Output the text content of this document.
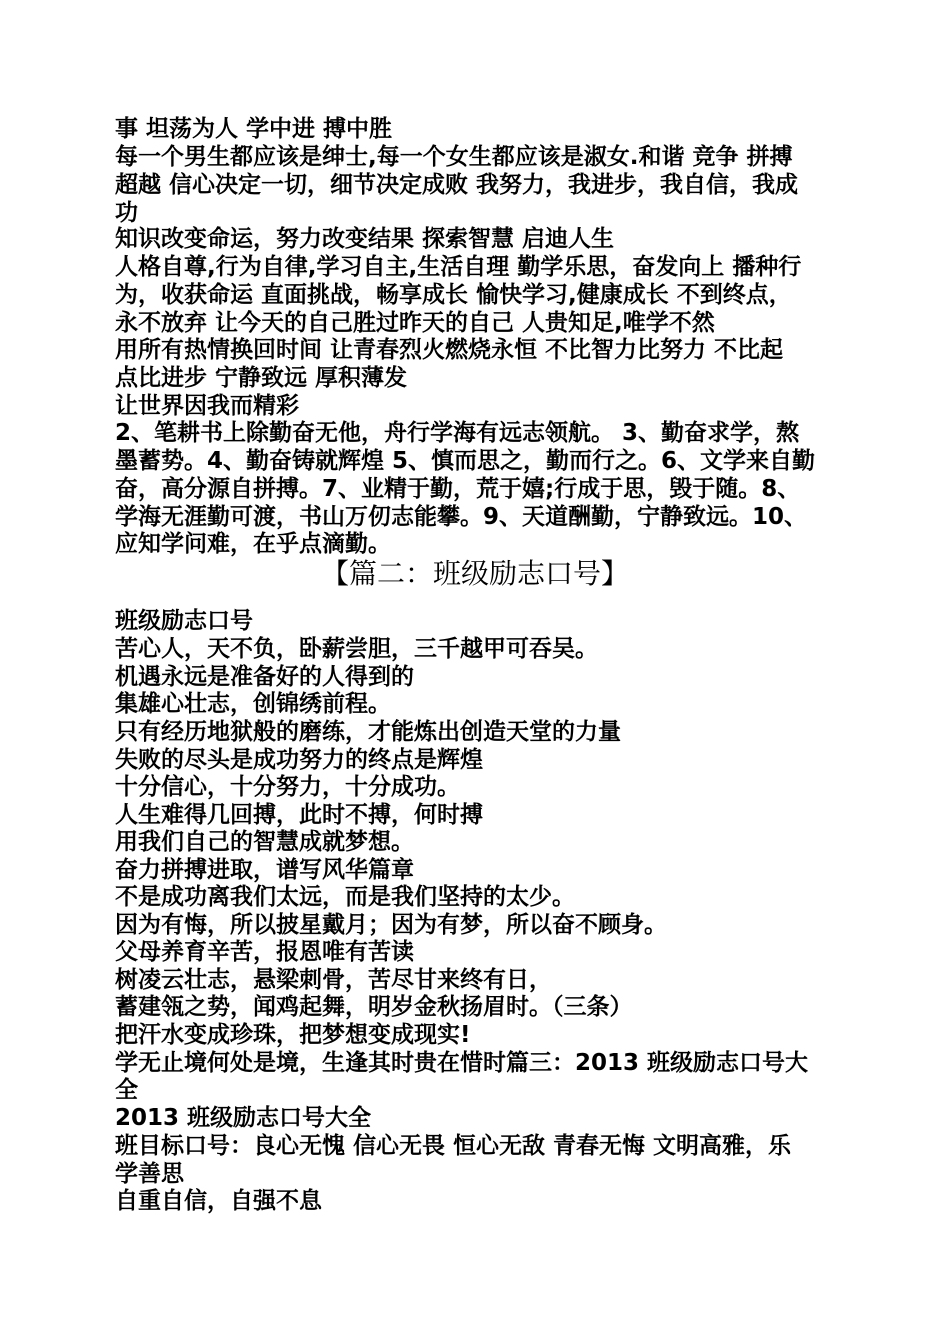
事 坦荡为人 学中进 搏中胜
每一个男生都应该是绅士,每一个女生都应该是淑女.和谐 竞争 拼搏
超越 信心决定一切，细节决定成败 我努力，我进步，我自信，我成
功
知识改变命运，努力改变结果 探索智慧 启迪人生
人格自尊,行为自律,学习自主,生活自理 勤学乐思，奋发向上 播种行
为，收获命运 直面挑战，畅享成长 愉快学习,健康成长 不到终点，
永不放弃 让今天的自己胜过昨天的自己 人贵知足,唯学不然
用所有热情换回时间 让青春烈火燃烧永恒 不比智力比努力 不比起
点比进步 宁静致远 厚积薄发
让世界因我而精彩
2、笔耕书上除勤奋无他，舟行学海有远志领航。 3、勤奋求学，熬
墨蓄势。4、勤奋铸就辉煌 5、慎而思之，勤而行之。6、文学来自勤
奋，高分源自拼搏。7、业精于勤，荒于嬉;行成于思，毁于随。8、
学海无涯勤可渡，书山万仞志能攀。9、天道酬勤，宁静致远。10、
应知学问难，在乎点滴勤。
【篇二：班级励志口号】
班级励志口号
苦心人，天不负，卧薪尝胆，三千越甲可吞吴。
机遇永远是准备好的人得到的
集雄心壮志，创锦绣前程。
只有经历地狱般的磨练，才能炼出创造天堂的力量
失败的尽头是成功努力的终点是辉煌
十分信心，十分努力，十分成功。
人生难得几回搏，此时不搏，何时搏
用我们自己的智慧成就梦想。
奋力拼搏进取，谱写风华篇章
不是成功离我们太远，而是我们坚持的太少。
因为有悔，所以披星戴月；因为有梦，所以奋不顾身。
父母养育辛苦，报恩唯有苦读
树凌云壮志，悬梁刺骨，苦尽甘来终有日，
蓄建瓴之势，闻鸡起舞，明岁金秋扬眉时。（三条）
把汗水变成珍珠，把梦想变成现实!
学无止境何处是境，生逢其时贵在惜时篇三：2013 班级励志口号大
全
2013 班级励志口号大全
班目标口号：良心无愧 信心无畏 恒心无敌 青春无悔 文明高雅，乐
学善思
自重自信，自强不息
